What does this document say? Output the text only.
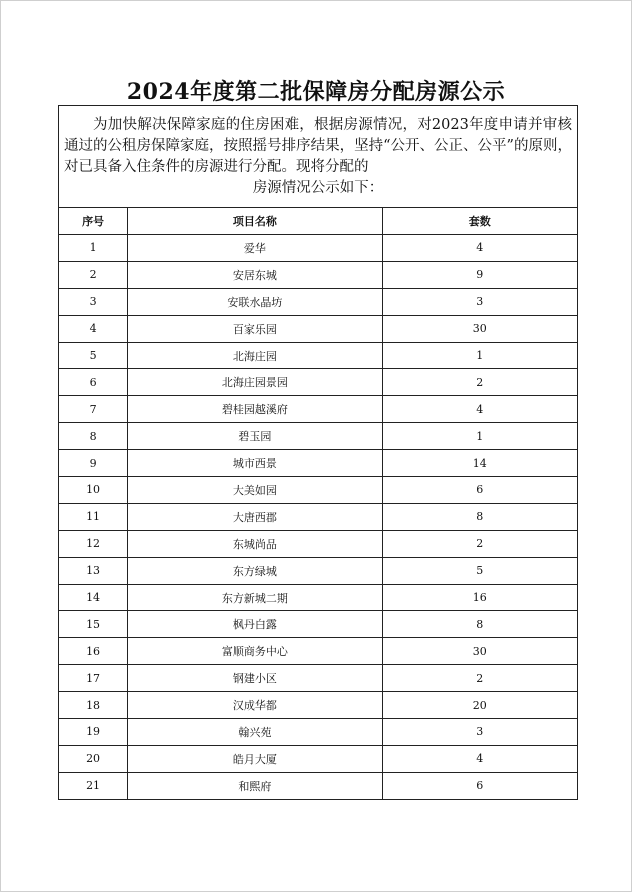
2024年度第二批保障房分配房源公示
为加快解决保障家庭的住房困难，根据房源情况，对2023年度申请并审核通过的公租房保障家庭，按照摇号排序结果，坚持“公开、公正、公平”的原则，对已具备入住条件的房源进行分配。现将分配的
房源情况公示如下：		

序号	项目名称	套数
1	爱华	4
2	安居东城	9
3	安联水晶坊	3
4	百家乐园	30
5	北海庄园	1
6	北海庄园景园	2
7	碧桂园越溪府	4
8	碧玉园	1
9	城市西景	14
10	大美如园	6
11	大唐西郡	8
12	东城尚品	2
13	东方绿城	5
14	东方新城二期	16
15	枫丹白露	8
16	富顺商务中心	30
17	钢建小区	2
18	汉成华都	20
19	翰兴苑	3
20	皓月大厦	4
21	和熙府	6
